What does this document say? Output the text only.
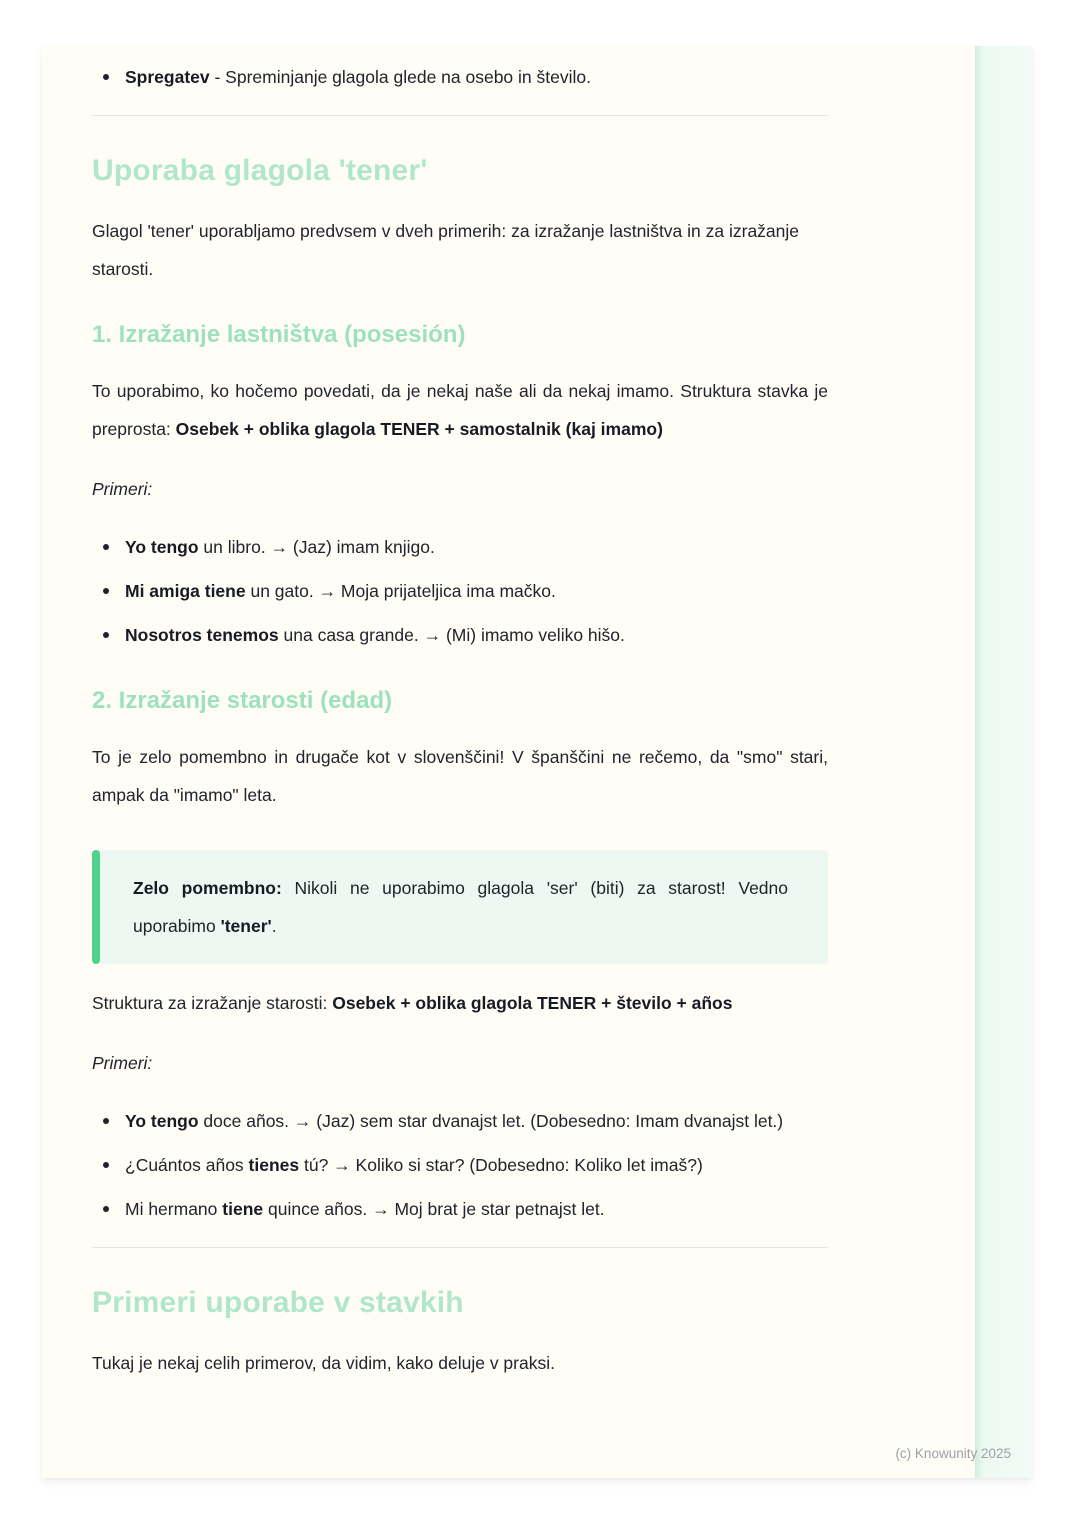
Spregatev - Spreminjanje glagola glede na osebo in število.
Uporaba glagola 'tener'

Glagol 'tener' uporabljamo predvsem v dveh primerih: za izražanje lastništva in za izražanje starosti.

1. Izražanje lastništva (posesión)

To uporabimo, ko hočemo povedati, da je nekaj naše ali da nekaj imamo. Struktura stavka je preprosta: Osebek + oblika glagola TENER + samostalnik (kaj imamo)

Primeri:

Yo tengo un libro. → (Jaz) imam knjigo.
Mi amiga tiene un gato. → Moja prijateljica ima mačko.
Nosotros tenemos una casa grande. → (Mi) imamo veliko hišo.
2. Izražanje starosti (edad)

To je zelo pomembno in drugače kot v slovenščini! V španščini ne rečemo, da "smo" stari, ampak da "imamo" leta.

Zelo pomembno: Nikoli ne uporabimo glagola 'ser' (biti) za starost! Vedno uporabimo 'tener'.

Struktura za izražanje starosti: Osebek + oblika glagola TENER + število + años

Primeri:

Yo tengo doce años. → (Jaz) sem star dvanajst let. (Dobesedno: Imam dvanajst let.)
¿Cuántos años tienes tú? → Koliko si star? (Dobesedno: Koliko let imaš?)
Mi hermano tiene quince años. → Moj brat je star petnajst let.
Primeri uporabe v stavkih

Tukaj je nekaj celih primerov, da vidim, kako deluje v praksi.

(c) Knowunity 2025
